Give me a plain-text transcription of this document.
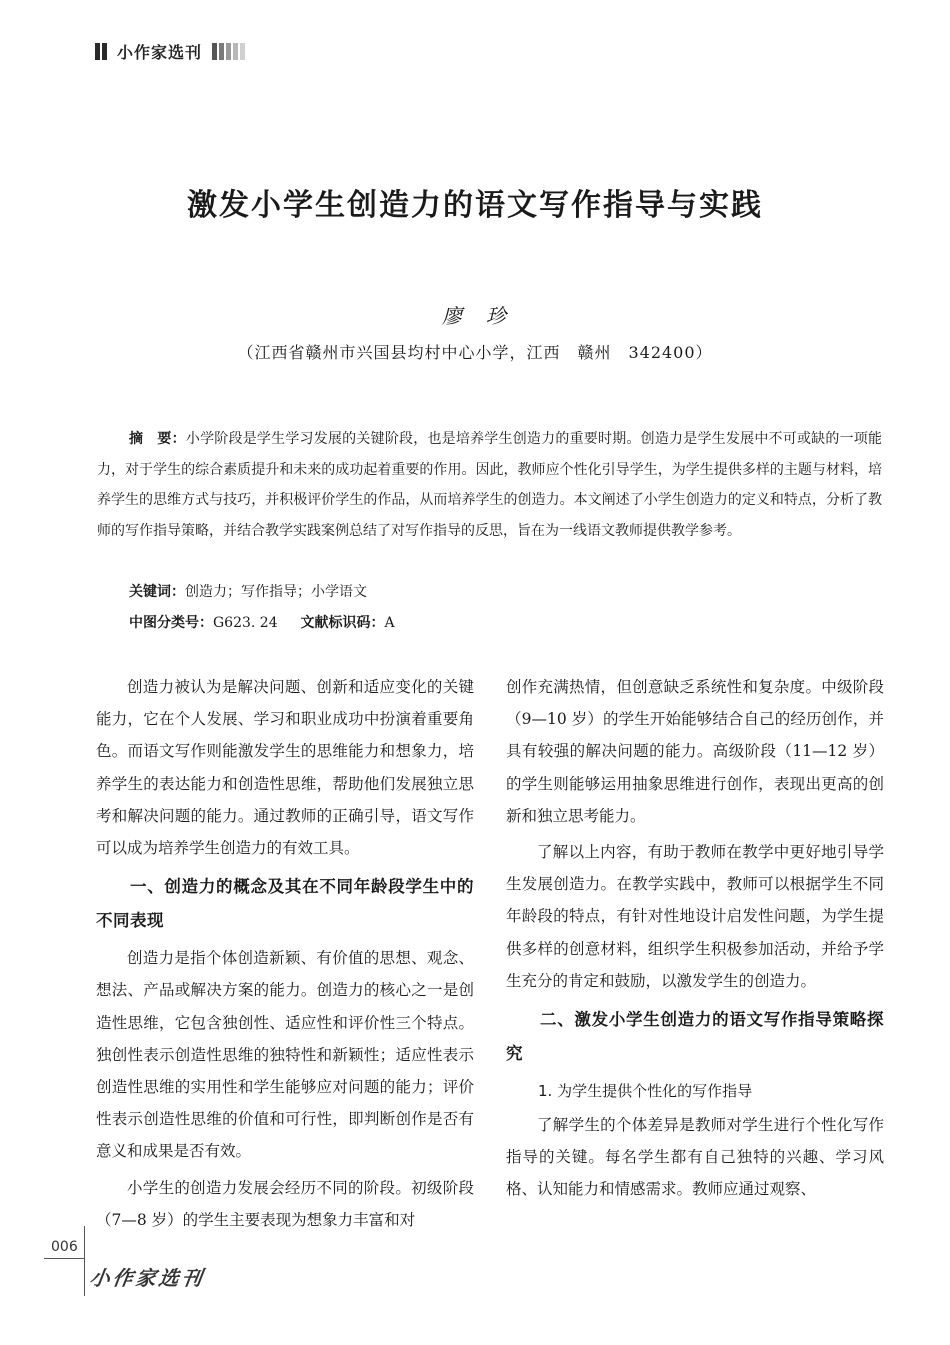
小作家选刊
激发小学生创造力的语文写作指导与实践
廖　珍
（江西省赣州市兴国县均村中心小学，江西　赣州　342400）

摘　要：小学阶段是学生学习发展的关键阶段，也是培养学生创造力的重要时期。创造力是学生发展中不可或缺的一项能力，对于学生的综合素质提升和未来的成功起着重要的作用。因此，教师应个性化引导学生，为学生提供多样的主题与材料，培养学生的思维方式与技巧，并积极评价学生的作品，从而培养学生的创造力。本文阐述了小学生创造力的定义和特点，分析了教师的写作指导策略，并结合教学实践案例总结了对写作指导的反思，旨在为一线语文教师提供教学参考。

关键词：创造力；写作指导；小学语文
中图分类号：G623. 24 文献标识码：A

创造力被认为是解决问题、创新和适应变化的关键能力，它在个人发展、学习和职业成功中扮演着重要角色。而语文写作则能激发学生的思维能力和想象力，培养学生的表达能力和创造性思维，帮助他们发展独立思考和解决问题的能力。通过教师的正确引导，语文写作可以成为培养学生创造力的有效工具。

一、创造力的概念及其在不同年龄段学生中的不同表现

创造力是指个体创造新颖、有价值的思想、观念、想法、产品或解决方案的能力。创造力的核心之一是创造性思维，它包含独创性、适应性和评价性三个特点。独创性表示创造性思维的独特性和新颖性；适应性表示创造性思维的实用性和学生能够应对问题的能力；评价性表示创造性思维的价值和可行性，即判断创作是否有意义和成果是否有效。

小学生的创造力发展会经历不同的阶段。初级阶段（7—8 岁）的学生主要表现为想象力丰富和对

创作充满热情，但创意缺乏系统性和复杂度。中级阶段（9—10 岁）的学生开始能够结合自己的经历创作，并具有较强的解决问题的能力。高级阶段（11—12 岁）的学生则能够运用抽象思维进行创作，表现出更高的创新和独立思考能力。

了解以上内容，有助于教师在教学中更好地引导学生发展创造力。在教学实践中，教师可以根据学生不同年龄段的特点，有针对性地设计启发性问题，为学生提供多样的创意材料，组织学生积极参加活动，并给予学生充分的肯定和鼓励，以激发学生的创造力。

二、激发小学生创造力的语文写作指导策略探究
1. 为学生提供个性化的写作指导

了解学生的个体差异是教师对学生进行个性化写作指导的关键。每名学生都有自己独特的兴趣、学习风格、认知能力和情感需求。教师应通过观察、

006
小作家选刊
